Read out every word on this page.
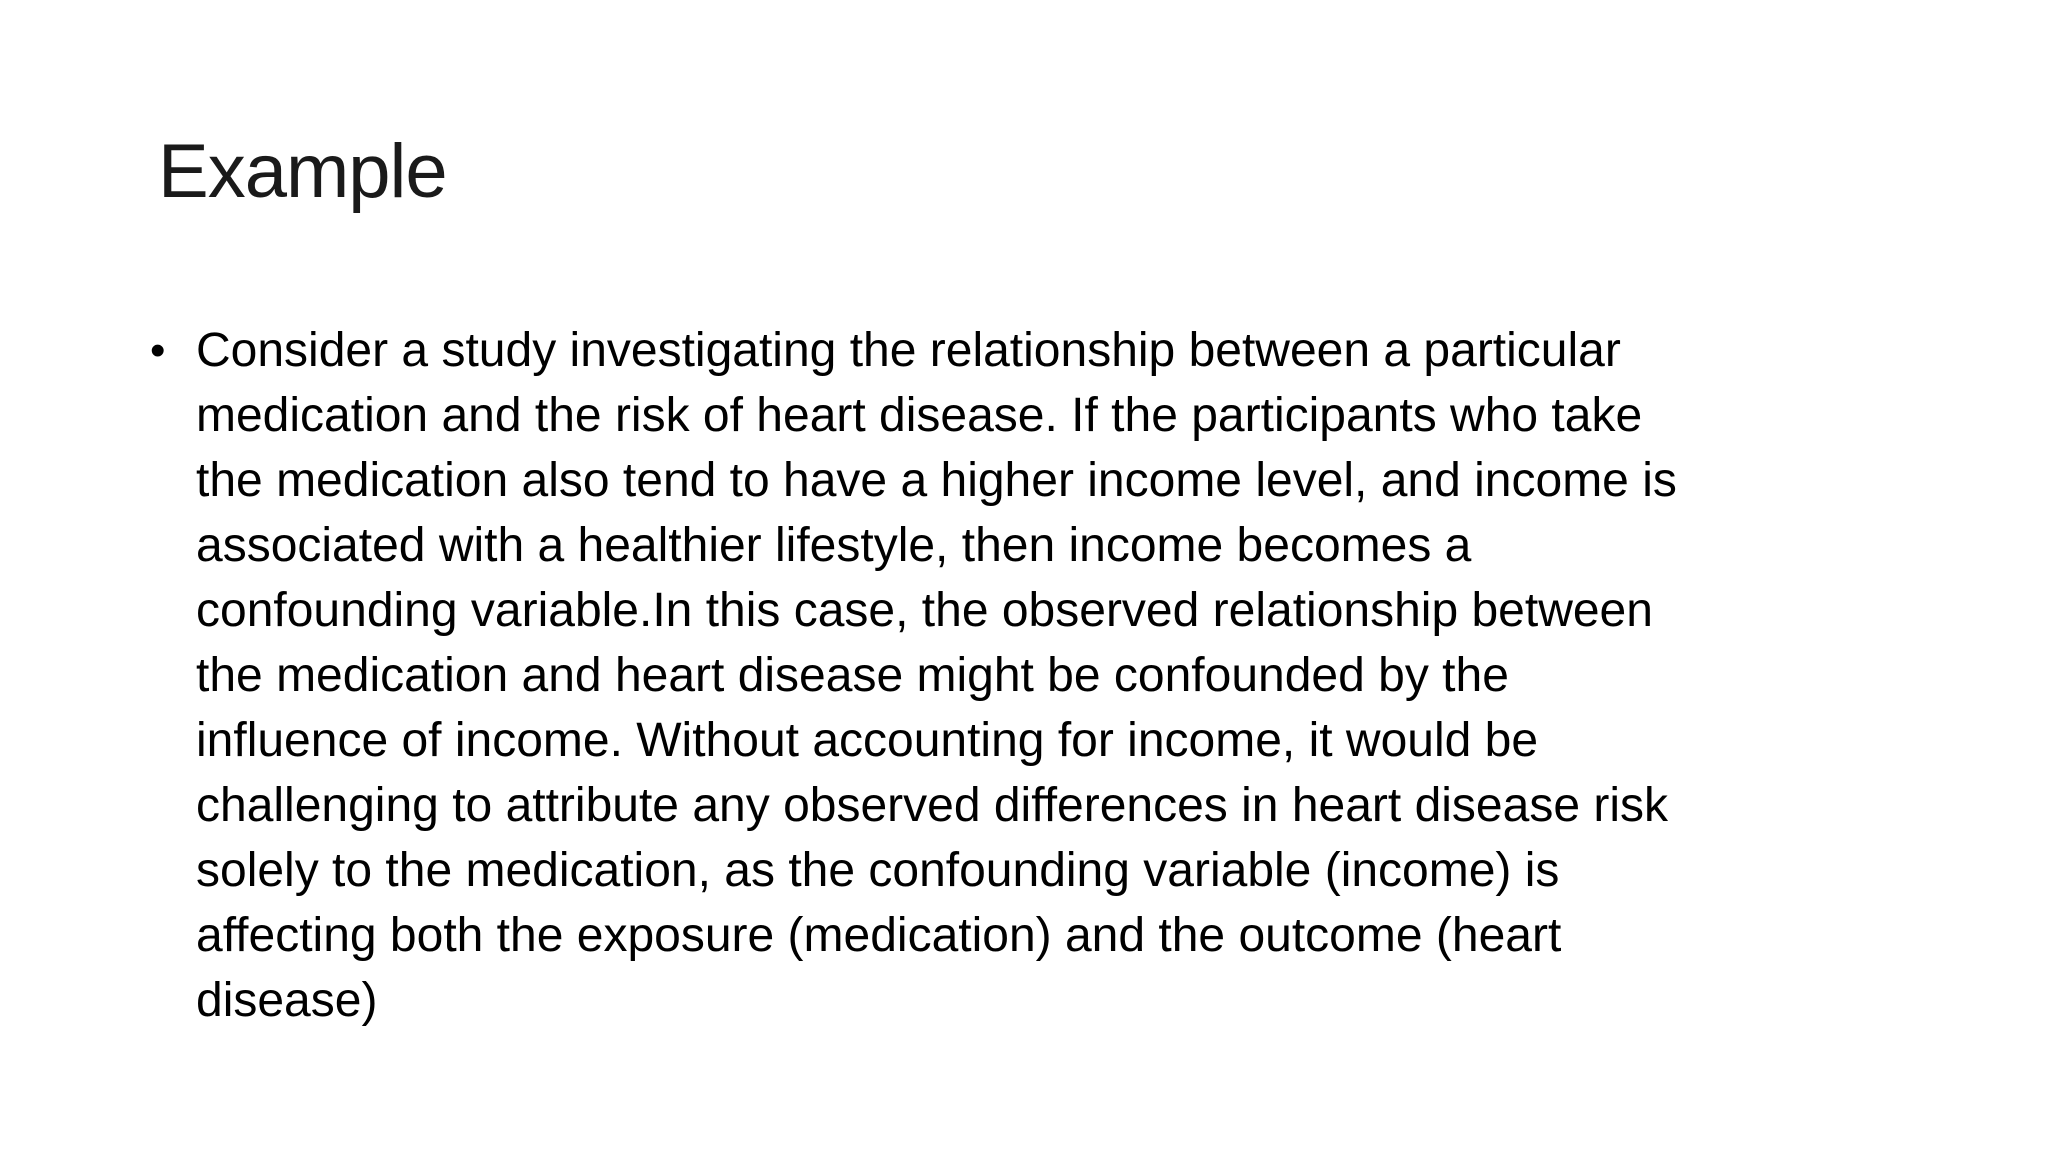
Example
• Consider a study investigating the relationship between a particular
medication and the risk of heart disease. If the participants who take
the medication also tend to have a higher income level, and income is
associated with a healthier lifestyle, then income becomes a
confounding variable.In this case, the observed relationship between
the medication and heart disease might be confounded by the
influence of income. Without accounting for income, it would be
challenging to attribute any observed differences in heart disease risk
solely to the medication, as the confounding variable (income) is
affecting both the exposure (medication) and the outcome (heart
disease)
